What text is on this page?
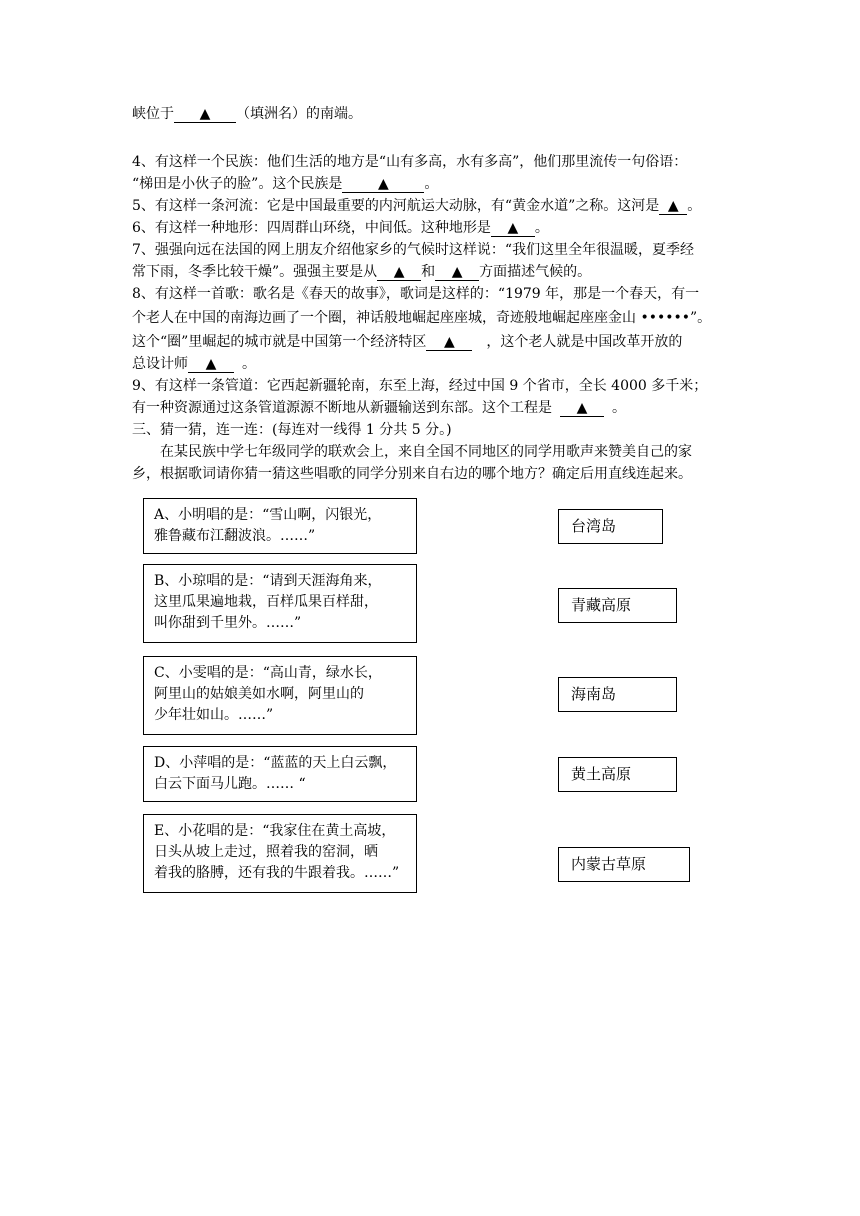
峡位于 ▲ （填洲名）的南端。
4、有这样一个民族：他们生活的地方是“山有多高，水有多高”，他们那里流传一句俗语：
“梯田是小伙子的脸”。这个民族是	▲	。
5、有这样一条河流：它是中国最重要的内河航运大动脉，有“黄金水道”之称。这河是 ▲ 。
6、有这样一种地形：四周群山环绕，中间低。这种地形是 ▲ 。
7、强强向远在法国的网上朋友介绍他家乡的气候时这样说：“我们这里全年很温暖，夏季经
常下雨，冬季比较干燥”。强强主要是从 ▲ 和 ▲ 方面描述气候的。
8、有这样一首歌：歌名是《春天的故事》，歌词是这样的：“1979 年，那是一个春天，有一
个老人在中国的南海边画了一个圈，神话般地崛起座座城，奇迹般地崛起座座金山 ••••••”。
这个“圈”里崛起的城市就是中国第一个经济特区 ▲ ，这个老人就是中国改革开放的
总设计师 ▲ 。
9、有这样一条管道：它西起新疆轮南，东至上海，经过中国 9 个省市，全长 4000 多千米；
有一种资源通过这条管道源源不断地从新疆输送到东部。这个工程是 ▲ 。
三、猜一猜，连一连：(每连对一线得 1 分共 5 分。)
在某民族中学七年级同学的联欢会上，来自全国不同地区的同学用歌声来赞美自己的家
乡，根据歌词请你猜一猜这些唱歌的同学分别来自右边的哪个地方？确定后用直线连起来。
A、小明唱的是：“雪山啊，闪银光，
雅鲁藏布江翻波浪。……”
B、小琼唱的是：“请到天涯海角来，
这里瓜果遍地栽，百样瓜果百样甜，
叫你甜到千里外。……”
C、小雯唱的是：“高山青，绿水长，
阿里山的姑娘美如水啊，阿里山的
少年壮如山。……”
D、小萍唱的是：“蓝蓝的天上白云飘，
白云下面马儿跑。…… “
E、小花唱的是：“我家住在黄土高坡，
日头从坡上走过，照着我的窑洞，晒
着我的胳膊，还有我的牛跟着我。……”
台湾岛
青藏高原
海南岛
黄土高原
内蒙古草原
